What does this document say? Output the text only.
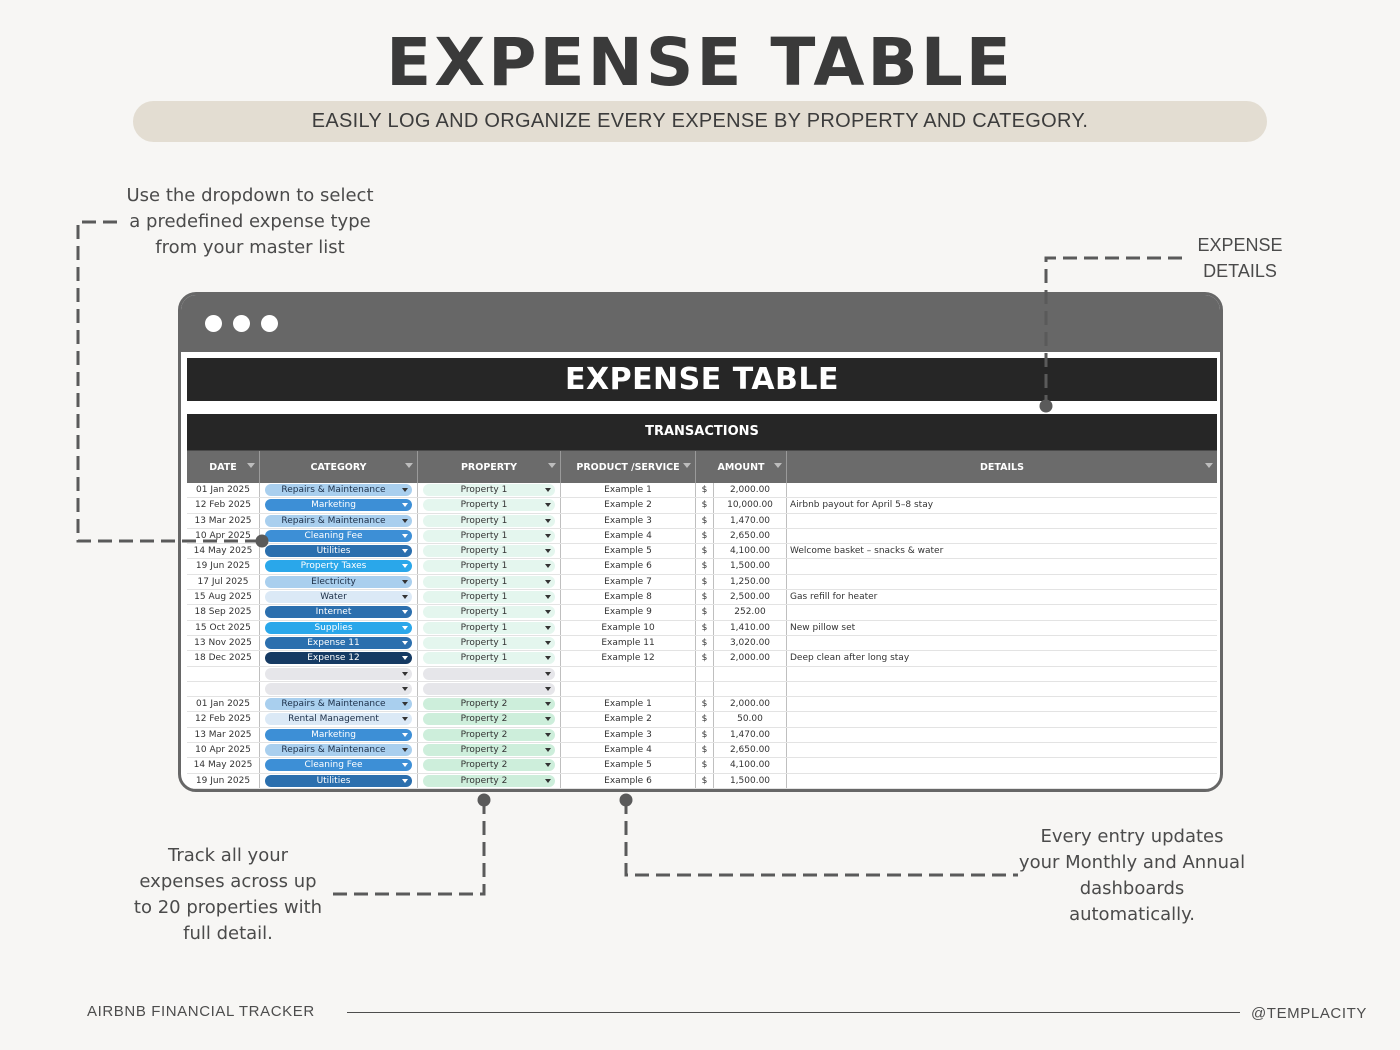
EXPENSE TABLE
EASILY LOG AND ORGANIZE EVERY EXPENSE BY PROPERTY AND CATEGORY.
Use the dropdown to select
a predefined expense type
from your master list	EXPENSE
DETAILS
EXPENSE TABLE
TRANSACTIONS
DATE	CATEGORY	PROPERTY	PRODUCT /SERVICE	AMOUNT	DETAILS
01 Jan 2025	Repairs & Maintenance	Property 1	Example 1	$	2,000.00
12 Feb 2025	Marketing	Property 1	Example 2	$	10,000.00	Airbnb payout for April 5–8 stay
13 Mar 2025	Repairs & Maintenance	Property 1	Example 3	$	1,470.00
10 Apr 2025	Cleaning Fee	Property 1	Example 4	$	2,650.00
14 May 2025	Utilities	Property 1	Example 5	$	4,100.00	Welcome basket – snacks & water
19 Jun 2025	Property Taxes	Property 1	Example 6	$	1,500.00
17 Jul 2025	Electricity	Property 1	Example 7	$	1,250.00
15 Aug 2025	Water	Property 1	Example 8	$	2,500.00	Gas refill for heater
18 Sep 2025	Internet	Property 1	Example 9	$	252.00
15 Oct 2025	Supplies	Property 1	Example 10	$	1,410.00	New pillow set
13 Nov 2025	Expense 11	Property 1	Example 11	$	3,020.00
18 Dec 2025	Expense 12	Property 1	Example 12	$	2,000.00	Deep clean after long stay
01 Jan 2025	Repairs & Maintenance	Property 2	Example 1	$	2,000.00
12 Feb 2025	Rental Management	Property 2	Example 2	$	50.00
13 Mar 2025	Marketing	Property 2	Example 3	$	1,470.00
10 Apr 2025	Repairs & Maintenance	Property 2	Example 4	$	2,650.00
14 May 2025	Cleaning Fee	Property 2	Example 5	$	4,100.00
19 Jun 2025	Utilities	Property 2	Example 6	$	1,500.00
Track all your
expenses across up
to 20 properties with
full detail.
Every entry updates
your Monthly and Annual
dashboards
automatically.
AIRBNB FINANCIAL TRACKER	@TEMPLACITY
